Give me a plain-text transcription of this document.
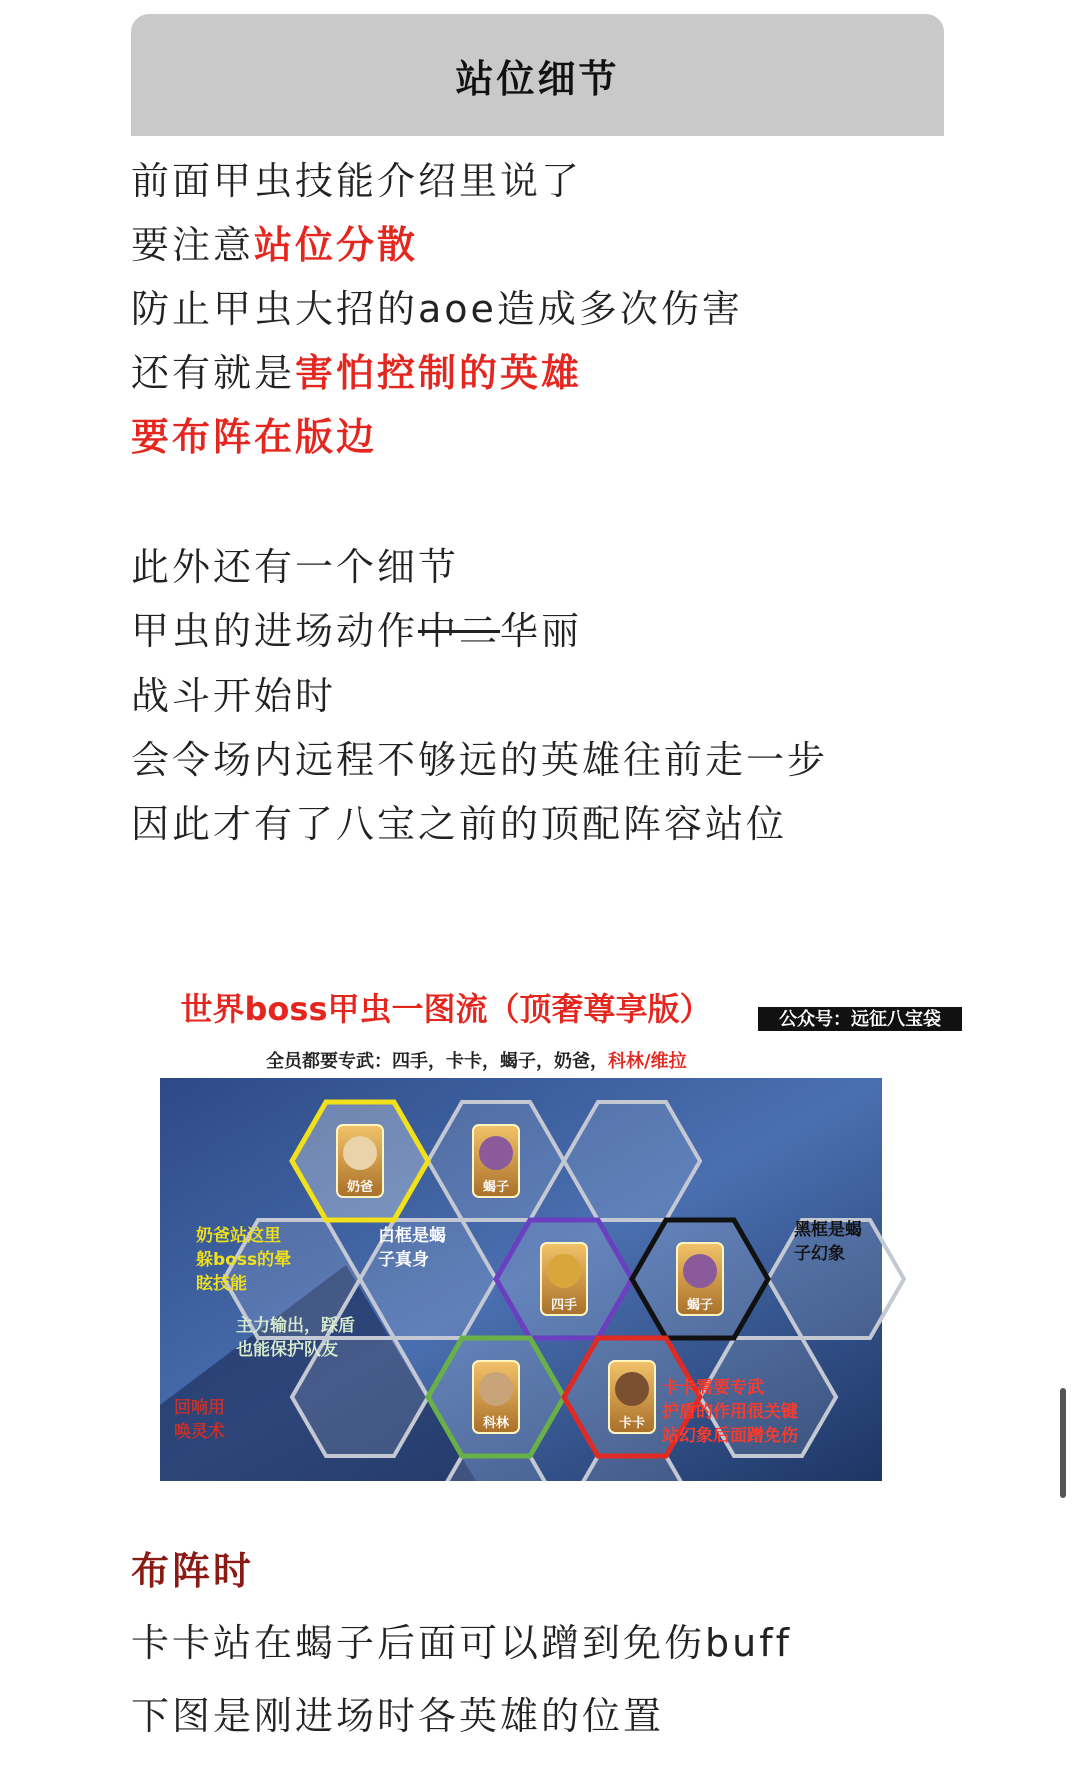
站位细节
前面甲虫技能介绍里说了
要注意站位分散
防止甲虫大招的aoe造成多次伤害
还有就是害怕控制的英雄
要布阵在版边
此外还有一个细节
甲虫的进场动作中二华丽
战斗开始时
会令场内远程不够远的英雄往前走一步
因此才有了八宝之前的顶配阵容站位
世界boss甲虫一图流（顶奢尊享版）	公众号：远征八宝袋
全员都要专武：四手，卡卡，蝎子，奶爸，科林/维拉
奶爸	蝎子
四手	蝎子
科林	卡卡
奶爸站这里
躲boss的晕
眩技能
白框是蝎
子真身
黑框是蝎
子幻象
主力输出，踩盾
也能保护队友
卡卡需要专武
护盾的作用很关键
站幻象后面蹭免伤
回响用
唤灵术
布阵时
卡卡站在蝎子后面可以蹭到免伤buff
下图是刚进场时各英雄的位置
